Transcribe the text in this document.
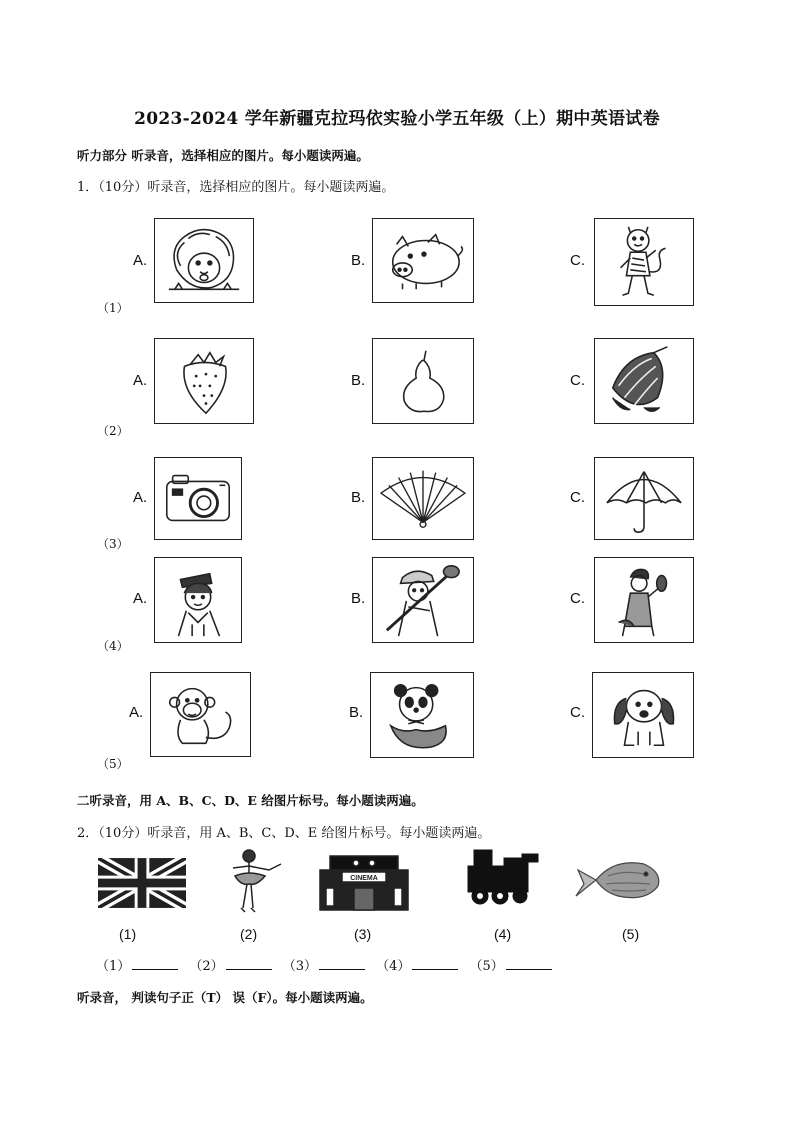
2023-2024 学年新疆克拉玛依实验小学五年级（上）期中英语试卷
听力部分 听录音，选择相应的图片。每小题读两遍。
1．（10分）听录音，选择相应的图片。每小题读两遍。
（1）
A.	B.	C.
（2）
A.	B.	C.
（3）
A.	B.	C.
（4）
A.	B.	C.
（5）
A.	B.	C.
二听录音，用 A、B、C、D、E 给图片标号。每小题读两遍。
2．（10分）听录音，用 A、B、C、D、E 给图片标号。每小题读两遍。
CINEMA
(1)	(2)	(3)	(4)	(5)
（1）	（2）	（3）	（4）	（5）
听录音， 判读句子正（T） 误（F）。每小题读两遍。
